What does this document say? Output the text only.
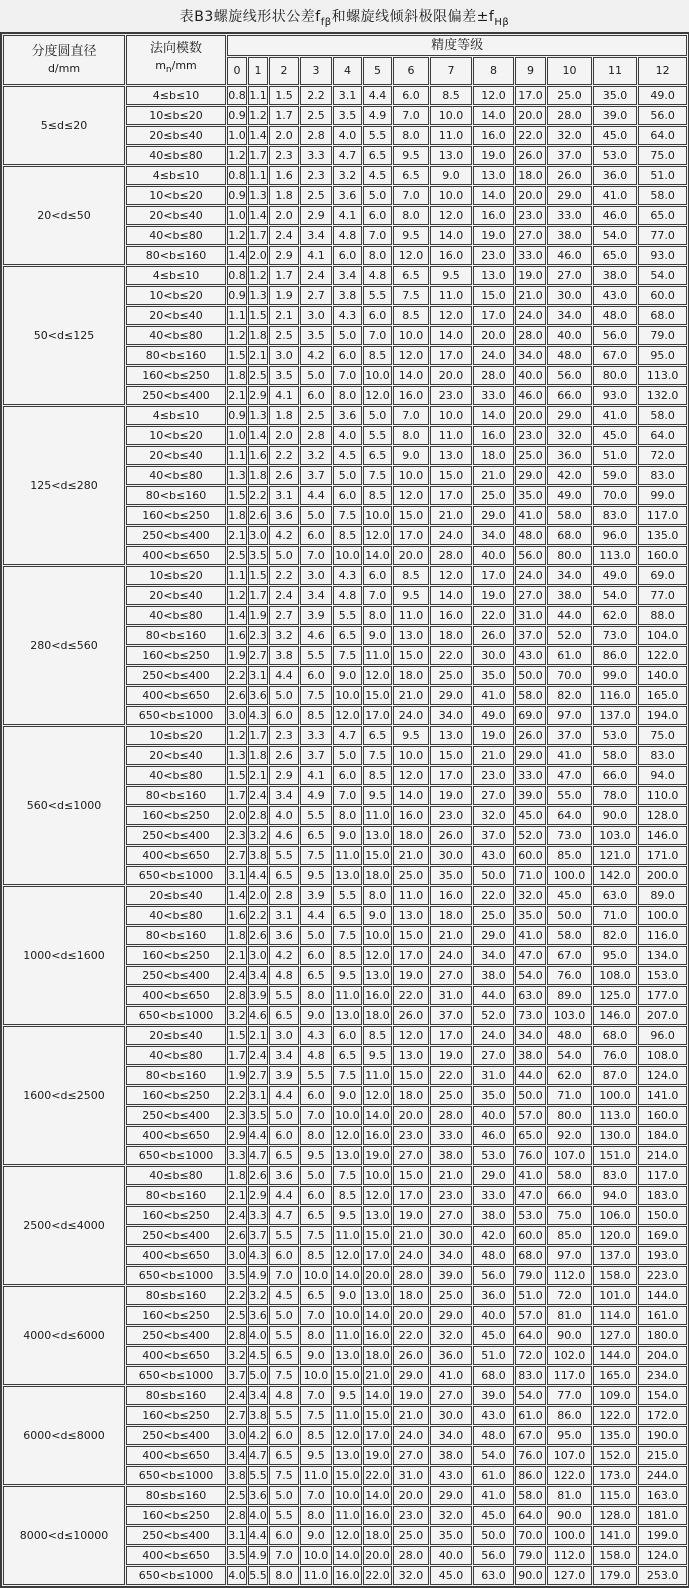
表B3螺旋线形状公差$f_{f\beta}$和螺旋线倾斜极限偏差$\pm f_{H\beta}$
分度圆直径
d/mm

法向模数
$m_n/mm$
	精度等级
		0	1	2	3	4	5	6	7	8	9	10	11	12
5≤d≤20	4≤b≤10	0.8	1.1	1.5	2.2	3.1	4.4	6.0	8.5	12.0	17.0	25.0	35.0	49.0
	10≤b≤20	0.9	1.2	1.7	2.5	3.5	4.9	7.0	10.0	14.0	20.0	28.0	39.0	56.0
	20≤b≤40	1.0	1.4	2.0	2.8	4.0	5.5	8.0	11.0	16.0	22.0	32.0	45.0	64.0
	40≤b≤80	1.2	1.7	2.3	3.3	4.7	6.5	9.5	13.0	19.0	26.0	37.0	53.0	75.0
20<d≤50	4≤b≤10	0.8	1.1	1.6	2.3	3.2	4.5	6.5	9.0	13.0	18.0	26.0	36.0	51.0
	10<b≤20	0.9	1.3	1.8	2.5	3.6	5.0	7.0	10.0	14.0	20.0	29.0	41.0	58.0
	20<b≤40	1.0	1.4	2.0	2.9	4.1	6.0	8.0	12.0	16.0	23.0	33.0	46.0	65.0
	40<b≤80	1.2	1.7	2.4	3.4	4.8	7.0	9.5	14.0	19.0	27.0	38.0	54.0	77.0
	80<b≤160	1.4	2.0	2.9	4.1	6.0	8.0	12.0	16.0	23.0	33.0	46.0	65.0	93.0
50<d≤125	4≤b≤10	0.8	1.2	1.7	2.4	3.4	4.8	6.5	9.5	13.0	19.0	27.0	38.0	54.0
	10<b≤20	0.9	1.3	1.9	2.7	3.8	5.5	7.5	11.0	15.0	21.0	30.0	43.0	60.0
	20<b≤40	1.1	1.5	2.1	3.0	4.3	6.0	8.5	12.0	17.0	24.0	34.0	48.0	68.0
	40<b≤80	1.2	1.8	2.5	3.5	5.0	7.0	10.0	14.0	20.0	28.0	40.0	56.0	79.0
	80<b≤160	1.5	2.1	3.0	4.2	6.0	8.5	12.0	17.0	24.0	34.0	48.0	67.0	95.0
	160<b≤250	1.8	2.5	3.5	5.0	7.0	10.0	14.0	20.0	28.0	40.0	56.0	80.0	113.0
	250<b≤400	2.1	2.9	4.1	6.0	8.0	12.0	16.0	23.0	33.0	46.0	66.0	93.0	132.0
125<d≤280	4≤b≤10	0.9	1.3	1.8	2.5	3.6	5.0	7.0	10.0	14.0	20.0	29.0	41.0	58.0
	10<b≤20	1.0	1.4	2.0	2.8	4.0	5.5	8.0	11.0	16.0	23.0	32.0	45.0	64.0
	20<b≤40	1.1	1.6	2.2	3.2	4.5	6.5	9.0	13.0	18.0	25.0	36.0	51.0	72.0
	40<b≤80	1.3	1.8	2.6	3.7	5.0	7.5	10.0	15.0	21.0	29.0	42.0	59.0	83.0
	80<b≤160	1.5	2.2	3.1	4.4	6.0	8.5	12.0	17.0	25.0	35.0	49.0	70.0	99.0
	160<b≤250	1.8	2.6	3.6	5.0	7.5	10.0	15.0	21.0	29.0	41.0	58.0	83.0	117.0
	250<b≤400	2.1	3.0	4.2	6.0	8.5	12.0	17.0	24.0	34.0	48.0	68.0	96.0	135.0
	400<b≤650	2.5	3.5	5.0	7.0	10.0	14.0	20.0	28.0	40.0	56.0	80.0	113.0	160.0
280<d≤560	10≤b≤20	1.1	1.5	2.2	3.0	4.3	6.0	8.5	12.0	17.0	24.0	34.0	49.0	69.0
	20<b≤40	1.2	1.7	2.4	3.4	4.8	7.0	9.5	14.0	19.0	27.0	38.0	54.0	77.0
	40<b≤80	1.4	1.9	2.7	3.9	5.5	8.0	11.0	16.0	22.0	31.0	44.0	62.0	88.0
	80<b≤160	1.6	2.3	3.2	4.6	6.5	9.0	13.0	18.0	26.0	37.0	52.0	73.0	104.0
	160<b≤250	1.9	2.7	3.8	5.5	7.5	11.0	15.0	22.0	30.0	43.0	61.0	86.0	122.0
	250<b≤400	2.2	3.1	4.4	6.0	9.0	12.0	18.0	25.0	35.0	50.0	70.0	99.0	140.0
	400<b≤650	2.6	3.6	5.0	7.5	10.0	15.0	21.0	29.0	41.0	58.0	82.0	116.0	165.0
	650<b≤1000	3.0	4.3	6.0	8.5	12.0	17.0	24.0	34.0	49.0	69.0	97.0	137.0	194.0
560<d≤1000	10≤b≤20	1.2	1.7	2.3	3.3	4.7	6.5	9.5	13.0	19.0	26.0	37.0	53.0	75.0
	20<b≤40	1.3	1.8	2.6	3.7	5.0	7.5	10.0	15.0	21.0	29.0	41.0	58.0	83.0
	40<b≤80	1.5	2.1	2.9	4.1	6.0	8.5	12.0	17.0	23.0	33.0	47.0	66.0	94.0
	80<b≤160	1.7	2.4	3.4	4.9	7.0	9.5	14.0	19.0	27.0	39.0	55.0	78.0	110.0
	160<b≤250	2.0	2.8	4.0	5.5	8.0	11.0	16.0	23.0	32.0	45.0	64.0	90.0	128.0
	250<b≤400	2.3	3.2	4.6	6.5	9.0	13.0	18.0	26.0	37.0	52.0	73.0	103.0	146.0
	400<b≤650	2.7	3.8	5.5	7.5	11.0	15.0	21.0	30.0	43.0	60.0	85.0	121.0	171.0
	650<b≤1000	3.1	4.4	6.5	9.5	13.0	18.0	25.0	35.0	50.0	71.0	100.0	142.0	200.0
1000<d≤1600	20≤b≤40	1.4	2.0	2.8	3.9	5.5	8.0	11.0	16.0	22.0	32.0	45.0	63.0	89.0
	40<b≤80	1.6	2.2	3.1	4.4	6.5	9.0	13.0	18.0	25.0	35.0	50.0	71.0	100.0
	80<b≤160	1.8	2.6	3.6	5.0	7.5	10.0	15.0	21.0	29.0	41.0	58.0	82.0	116.0
	160<b≤250	2.1	3.0	4.2	6.0	8.5	12.0	17.0	24.0	34.0	47.0	67.0	95.0	134.0
	250<b≤400	2.4	3.4	4.8	6.5	9.5	13.0	19.0	27.0	38.0	54.0	76.0	108.0	153.0
	400<b≤650	2.8	3.9	5.5	8.0	11.0	16.0	22.0	31.0	44.0	63.0	89.0	125.0	177.0
	650<b≤1000	3.2	4.6	6.5	9.0	13.0	18.0	26.0	37.0	52.0	73.0	103.0	146.0	207.0
1600<d≤2500	20≤b≤40	1.5	2.1	3.0	4.3	6.0	8.5	12.0	17.0	24.0	34.0	48.0	68.0	96.0
	40<b≤80	1.7	2.4	3.4	4.8	6.5	9.5	13.0	19.0	27.0	38.0	54.0	76.0	108.0
	80<b≤160	1.9	2.7	3.9	5.5	7.5	11.0	15.0	22.0	31.0	44.0	62.0	87.0	124.0
	160<b≤250	2.2	3.1	4.4	6.0	9.0	12.0	18.0	25.0	35.0	50.0	71.0	100.0	141.0
	250<b≤400	2.3	3.5	5.0	7.0	10.0	14.0	20.0	28.0	40.0	57.0	80.0	113.0	160.0
	400<b≤650	2.9	4.4	6.0	8.0	12.0	16.0	23.0	33.0	46.0	65.0	92.0	130.0	184.0
	650<b≤1000	3.3	4.7	6.5	9.5	13.0	19.0	27.0	38.0	53.0	76.0	107.0	151.0	214.0
2500<d≤4000	40≤b≤80	1.8	2.6	3.6	5.0	7.5	10.0	15.0	21.0	29.0	41.0	58.0	83.0	117.0
	80<b≤160	2.1	2.9	4.4	6.0	8.5	12.0	17.0	23.0	33.0	47.0	66.0	94.0	183.0
	160<b≤250	2.4	3.3	4.7	6.5	9.5	13.0	19.0	27.0	38.0	53.0	75.0	106.0	150.0
	250<b≤400	2.6	3.7	5.5	7.5	11.0	15.0	21.0	30.0	42.0	60.0	85.0	120.0	169.0
	400<b≤650	3.0	4.3	6.0	8.5	12.0	17.0	24.0	34.0	48.0	68.0	97.0	137.0	193.0
	650<b≤1000	3.5	4.9	7.0	10.0	14.0	20.0	28.0	39.0	56.0	79.0	112.0	158.0	223.0
4000<d≤6000	80≤b≤160	2.2	3.2	4.5	6.5	9.0	13.0	18.0	25.0	36.0	51.0	72.0	101.0	144.0
	160<b≤250	2.5	3.6	5.0	7.0	10.0	14.0	20.0	29.0	40.0	57.0	81.0	114.0	161.0
	250<b≤400	2.8	4.0	5.5	8.0	11.0	16.0	22.0	32.0	45.0	64.0	90.0	127.0	180.0
	400<b≤650	3.2	4.5	6.5	9.0	13.0	18.0	26.0	36.0	51.0	72.0	102.0	144.0	204.0
	650<b≤1000	3.7	5.0	7.5	10.0	15.0	21.0	29.0	41.0	68.0	83.0	117.0	165.0	234.0
6000<d≤8000	80≤b≤160	2.4	3.4	4.8	7.0	9.5	14.0	19.0	27.0	39.0	54.0	77.0	109.0	154.0
	160<b≤250	2.7	3.8	5.5	7.5	11.0	15.0	21.0	30.0	43.0	61.0	86.0	122.0	172.0
	250<b≤400	3.0	4.2	6.0	8.5	12.0	17.0	24.0	34.0	48.0	67.0	95.0	135.0	190.0
	400<b≤650	3.4	4.7	6.5	9.5	13.0	19.0	27.0	38.0	54.0	76.0	107.0	152.0	215.0
	650<b≤1000	3.8	5.5	7.5	11.0	15.0	22.0	31.0	43.0	61.0	86.0	122.0	173.0	244.0
8000<d≤10000	80≤b≤160	2.5	3.6	5.0	7.0	10.0	14.0	20.0	29.0	41.0	58.0	81.0	115.0	163.0
	160<b≤250	2.8	4.0	5.5	8.0	11.0	16.0	23.0	32.0	45.0	64.0	90.0	128.0	181.0
	250<b≤400	3.1	4.4	6.0	9.0	12.0	18.0	25.0	35.0	50.0	70.0	100.0	141.0	199.0
	400<b≤650	3.5	4.9	7.0	10.0	14.0	20.0	28.0	40.0	56.0	79.0	112.0	158.0	124.0
	650<b≤1000	4.0	5.5	8.0	11.0	16.0	22.0	32.0	45.0	63.0	90.0	127.0	179.0	253.0
